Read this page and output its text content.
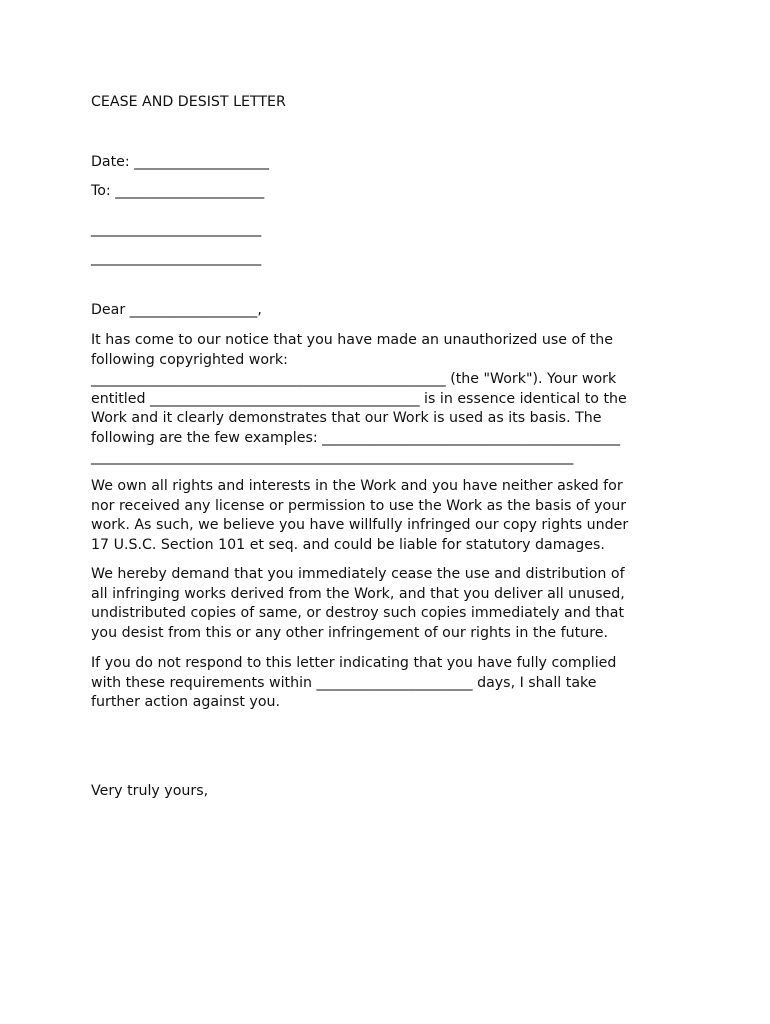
CEASE AND DESIST LETTER
Date: ___________________
To: _____________________
________________________
________________________
Dear __________________,
It has come to our notice that you have made an unauthorized use of the
following copyrighted work:
__________________________________________________ (the "Work"). Your work
entitled ______________________________________ is in essence identical to the
Work and it clearly demonstrates that our Work is used as its basis. The
following are the few examples: __________________________________________
____________________________________________________________________
We own all rights and interests in the Work and you have neither asked for
nor received any license or permission to use the Work as the basis of your
work. As such, we believe you have willfully infringed our copy rights under
17 U.S.C. Section 101 et seq. and could be liable for statutory damages.
We hereby demand that you immediately cease the use and distribution of
all infringing works derived from the Work, and that you deliver all unused,
undistributed copies of same, or destroy such copies immediately and that
you desist from this or any other infringement of our rights in the future.
If you do not respond to this letter indicating that you have fully complied
with these requirements within ______________________ days, I shall take
further action against you.
Very truly yours,
